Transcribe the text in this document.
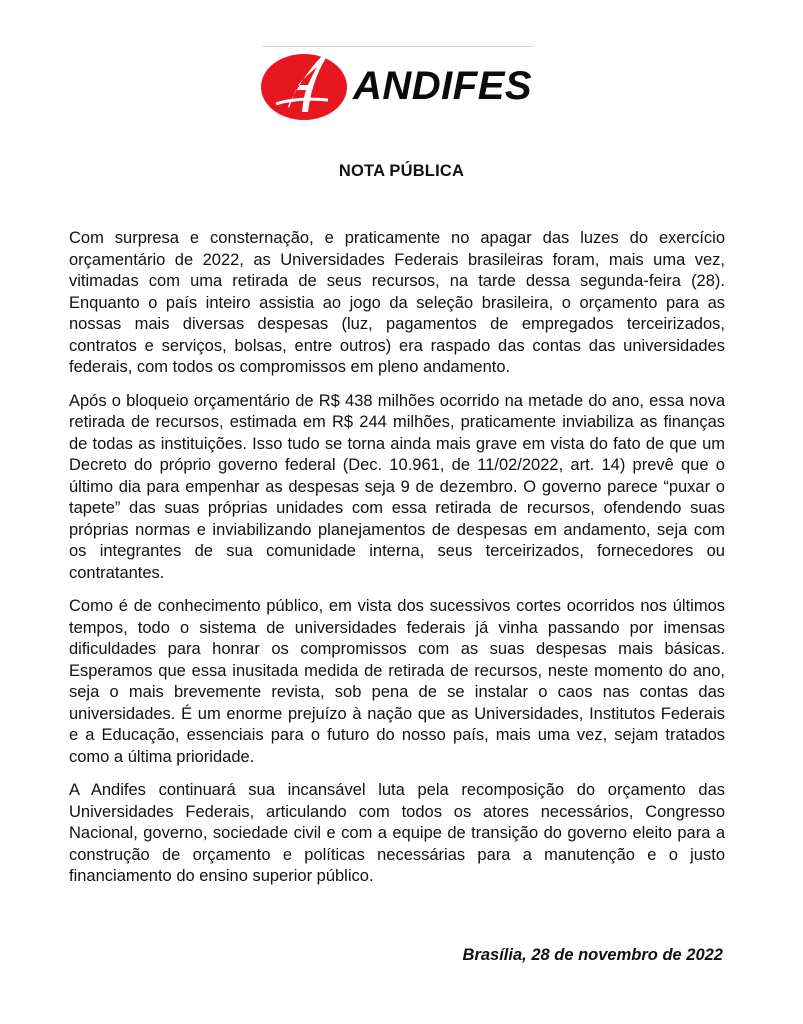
ANDIFES
NOTA PÚBLICA

Com surpresa e consternação, e praticamente no apagar das luzes do exercício orçamentário de 2022, as Universidades Federais brasileiras foram, mais uma vez, vitimadas com uma retirada de seus recursos, na tarde dessa segunda-feira (28). Enquanto o país inteiro assistia ao jogo da seleção brasileira, o orçamento para as nossas mais diversas despesas (luz, pagamentos de empregados terceirizados, contratos e serviços, bolsas, entre outros) era raspado das contas das universidades federais, com todos os compromissos em pleno andamento.

Após o bloqueio orçamentário de R$ 438 milhões ocorrido na metade do ano, essa nova retirada de recursos, estimada em R$ 244 milhões, praticamente inviabiliza as finanças de todas as instituições. Isso tudo se torna ainda mais grave em vista do fato de que um Decreto do próprio governo federal (Dec. 10.961, de 11/02/2022, art. 14) prevê que o último dia para empenhar as despesas seja 9 de dezembro. O governo parece “puxar o tapete” das suas próprias unidades com essa retirada de recursos, ofendendo suas próprias normas e inviabilizando planejamentos de despesas em andamento, seja com os integrantes de sua comunidade interna, seus terceirizados, fornecedores ou contratantes.

Como é de conhecimento público, em vista dos sucessivos cortes ocorridos nos últimos tempos, todo o sistema de universidades federais já vinha passando por imensas dificuldades para honrar os compromissos com as suas despesas mais básicas. Esperamos que essa inusitada medida de retirada de recursos, neste momento do ano, seja o mais brevemente revista, sob pena de se instalar o caos nas contas das universidades. É um enorme prejuízo à nação que as Universidades, Institutos Federais e a Educação, essenciais para o futuro do nosso país, mais uma vez, sejam tratados como a última prioridade.

A Andifes continuará sua incansável luta pela recomposição do orçamento das Universidades Federais, articulando com todos os atores necessários, Congresso Nacional, governo, sociedade civil e com a equipe de transição do governo eleito para a construção de orçamento e políticas necessárias para a manutenção e o justo financiamento do ensino superior público.

Brasília, 28 de novembro de 2022
